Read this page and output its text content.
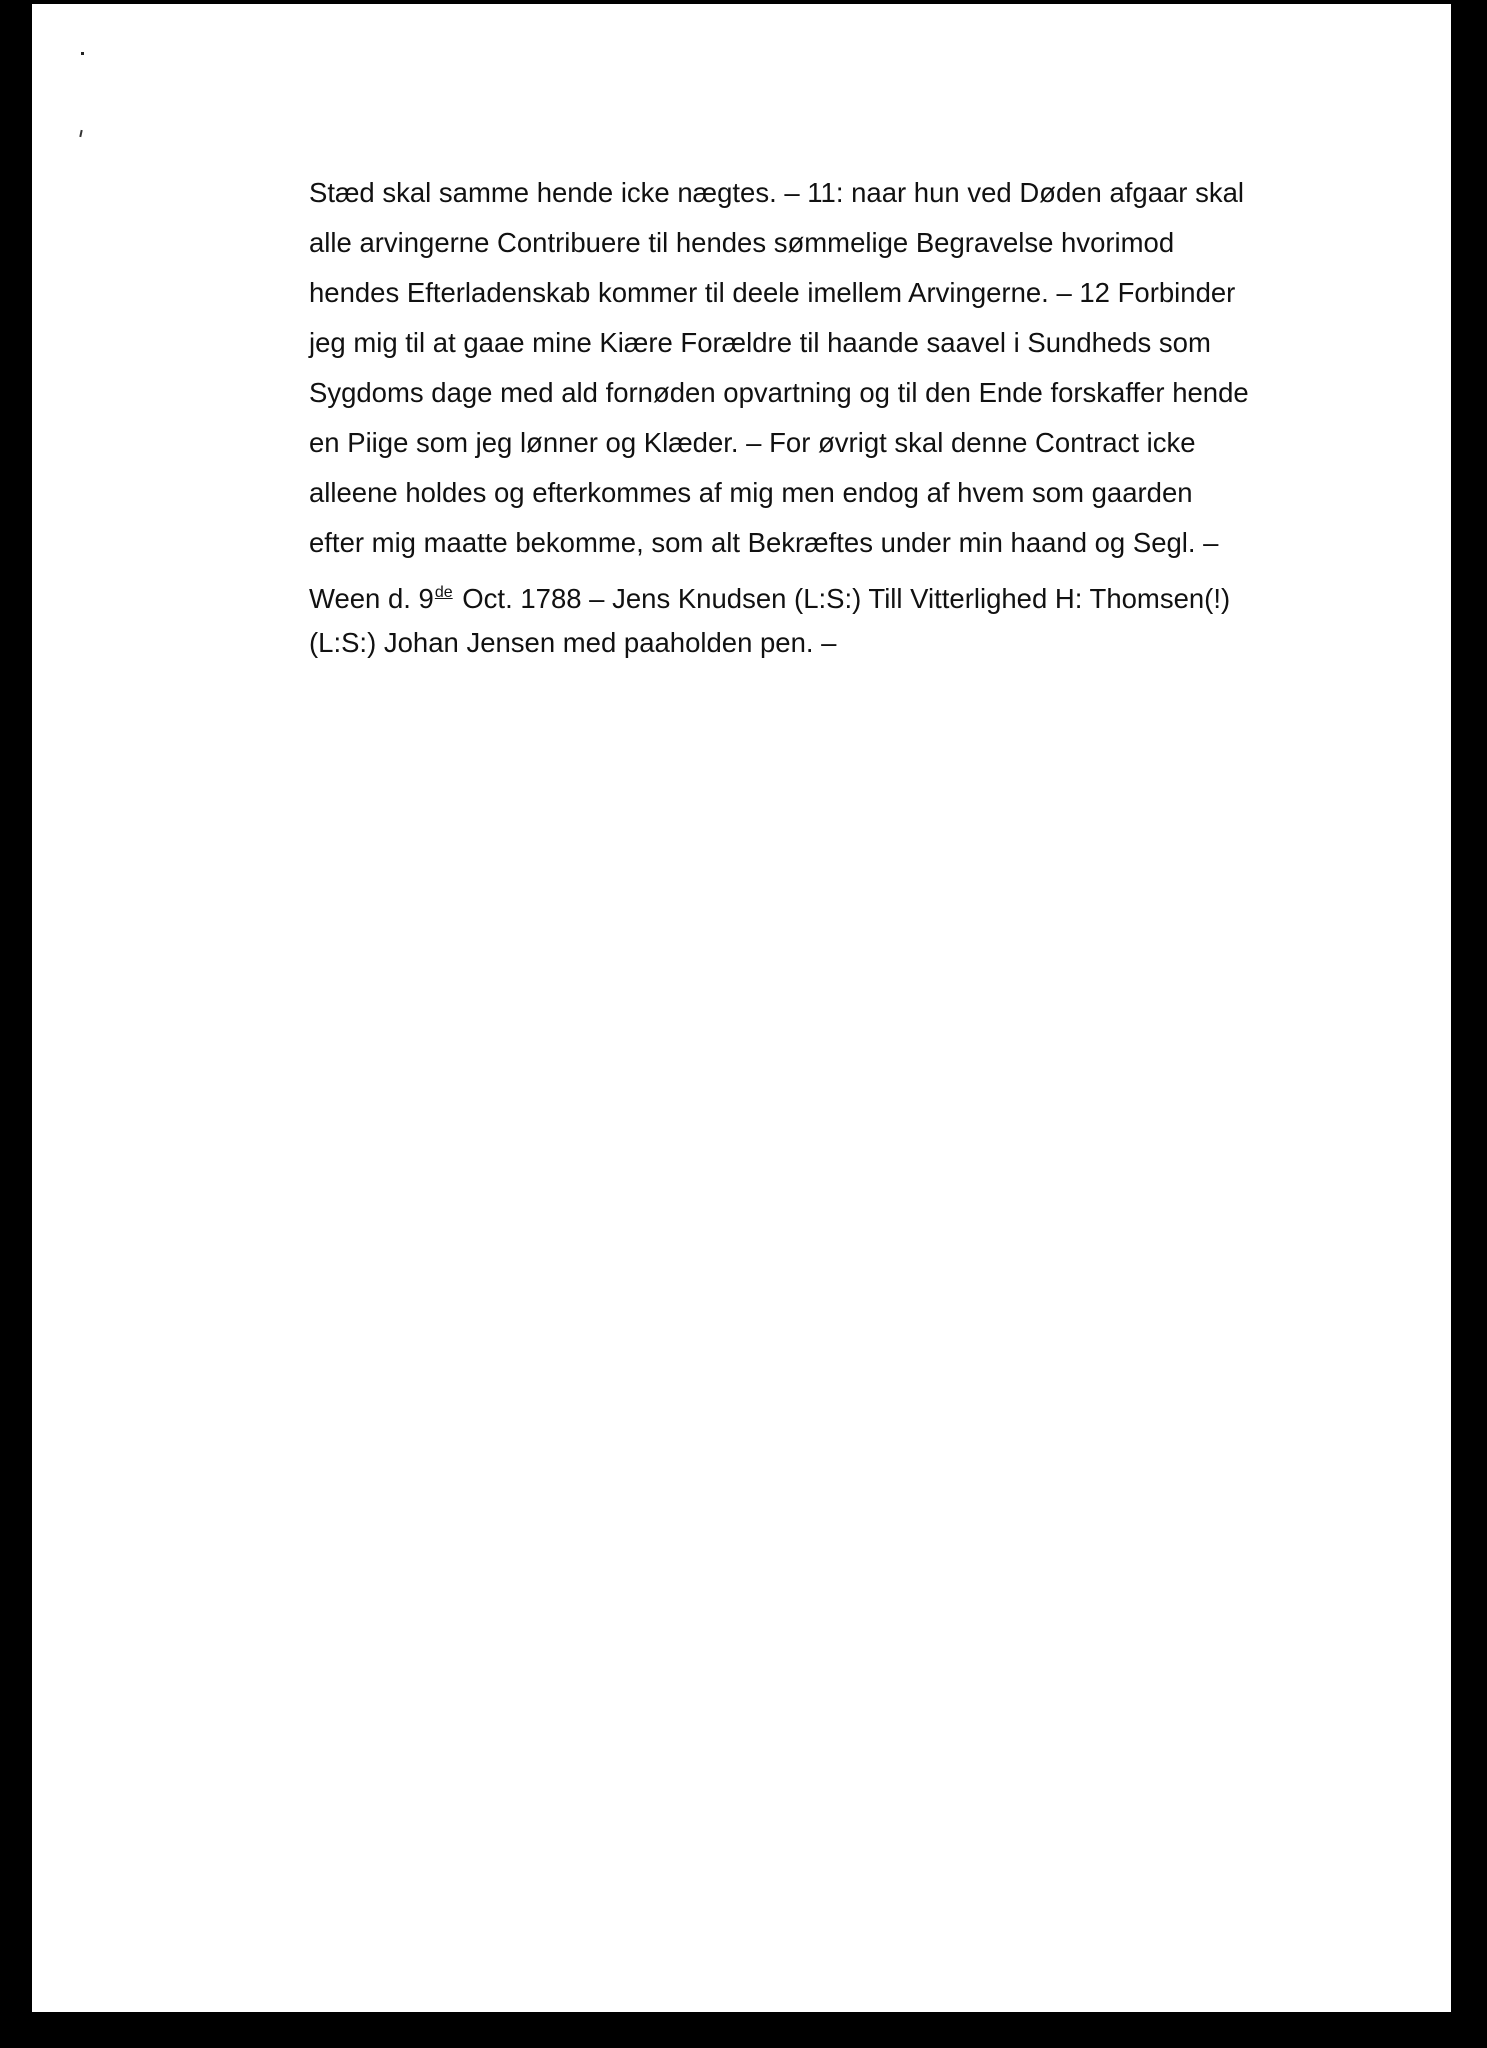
Stæd skal samme hende icke nægtes. – 11: naar hun ved Døden afgaar skal
alle arvingerne Contribuere til hendes sømmelige Begravelse hvorimod
hendes Efterladenskab kommer til deele imellem Arvingerne. – 12 Forbinder
jeg mig til at gaae mine Kiære Forældre til haande saavel i Sundheds som
Sygdoms dage med ald fornøden opvartning og til den Ende forskaffer hende
en Piige som jeg lønner og Klæder. – For øvrigt skal denne Contract icke
alleene holdes og efterkommes af mig men endog af hvem som gaarden
efter mig maatte bekomme, som alt Bekræftes under min haand og Segl. –
Ween d. 9de Oct. 1788 – Jens Knudsen (L:S:) Till Vitterlighed H: Thomsen(!)
(L:S:) Johan Jensen med paaholden pen. –
